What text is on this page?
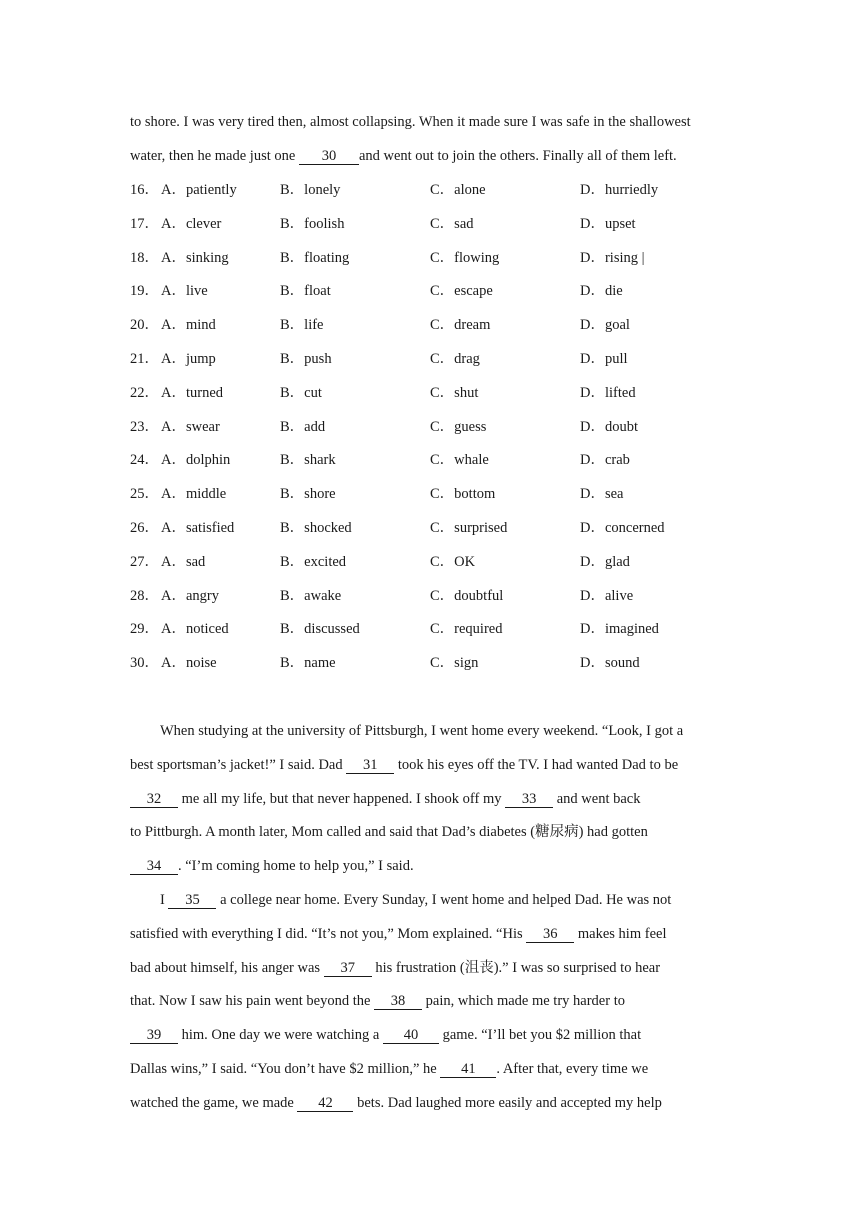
to shore. I was very tired then, almost collapsing. When it made sure I was safe in the shallowest
water, then he made just one 30 and went out to join the others. Finally all of them left.
16． A．patiently	B．lonely	C．alone	D．hurriedly
17． A．clever	B．foolish	C．sad	D．upset
18． A．sinking	B．floating	C．flowing	D．rising |
19． A．live	B．float	C．escape	D．die
20． A．mind	B．life	C．dream	D．goal
21． A．jump	B．push	C．drag	D．pull
22． A．turned	B．cut	C．shut	D．lifted
23． A．swear	B．add	C．guess	D．doubt
24． A．dolphin	B．shark	C．whale	D．crab
25． A．middle	B．shore	C．bottom	D．sea
26． A．satisfied	B．shocked	C．surprised	D．concerned
27． A．sad	B．excited	C．OK	D．glad
28． A．angry	B．awake	C．doubtful	D．alive
29． A．noticed	B．discussed	C．required	D．imagined
30． A．noise	B．name	C．sign	D．sound
When studying at the university of Pittsburgh, I went home every weekend. “Look, I got a
best sportsman’s jacket!” I said. Dad 31 took his eyes off the TV. I had wanted Dad to be
32 me all my life, but that never happened. I shook off my 33 and went back
to Pittburgh. A month later, Mom called and said that Dad’s diabetes (糖尿病) had gotten
34 . “I’m coming home to help you,” I said.
I 35 a college near home. Every Sunday, I went home and helped Dad. He was not
satisfied with everything I did. “It’s not you,” Mom explained. “His 36 makes him feel
bad about himself, his anger was 37 his frustration (沮丧).” I was so surprised to hear
that. Now I saw his pain went beyond the 38 pain, which made me try harder to
39 him. One day we were watching a 40 game. “I’ll bet you $2 million that
Dallas wins,” I said. “You don’t have $2 million,” he 41 . After that, every time we
watched the game, we made 42 bets. Dad laughed more easily and accepted my help
